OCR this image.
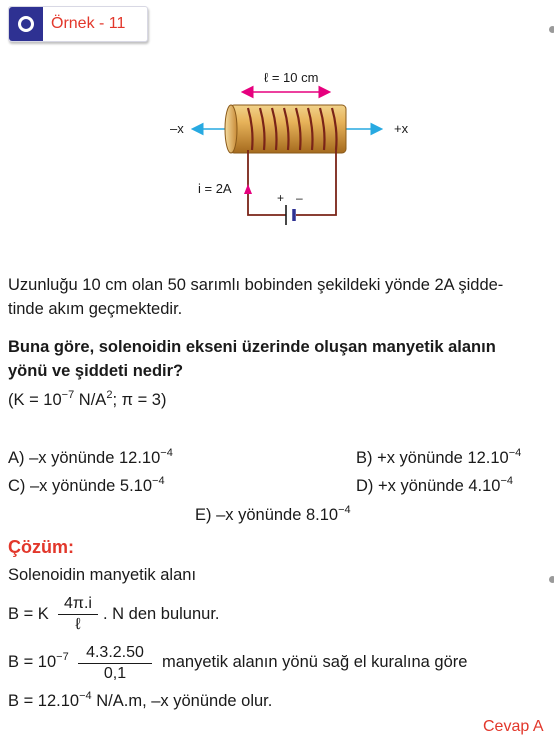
Örnek - 11
ℓ = 10 cm
–x	+x
i = 2A
+ –
Uzunluğu 10 cm olan 50 sarımlı bobinden şekildeki yönde 2A şidde-
tinde akım geçmektedir.
Buna göre, solenoidin ekseni üzerinde oluşan manyetik alanın
yönü ve şiddeti nedir?
($K = 10^{-7}$ $N/A^2$; π = 3)
A) –x yönünde $12.10^{-4}$	B) +x yönünde $12.10^{-4}$
C) –x yönünde $5.10^{-4}$	D) +x yönünde $4.10^{-4}$
E) –x yönünde $8.10^{-4}$
Çözüm:
Solenoidin manyetik alanı
B = K
4π.i
ℓ
. N den bulunur.
$B = 10^{-7} \frac{4.3.2.50}{0,1}$ manyetik alanın yönü sağ el kuralına göre
$B = 12.10^{-4}$ N/A.m, –x yönünde olur.
Cevap A
